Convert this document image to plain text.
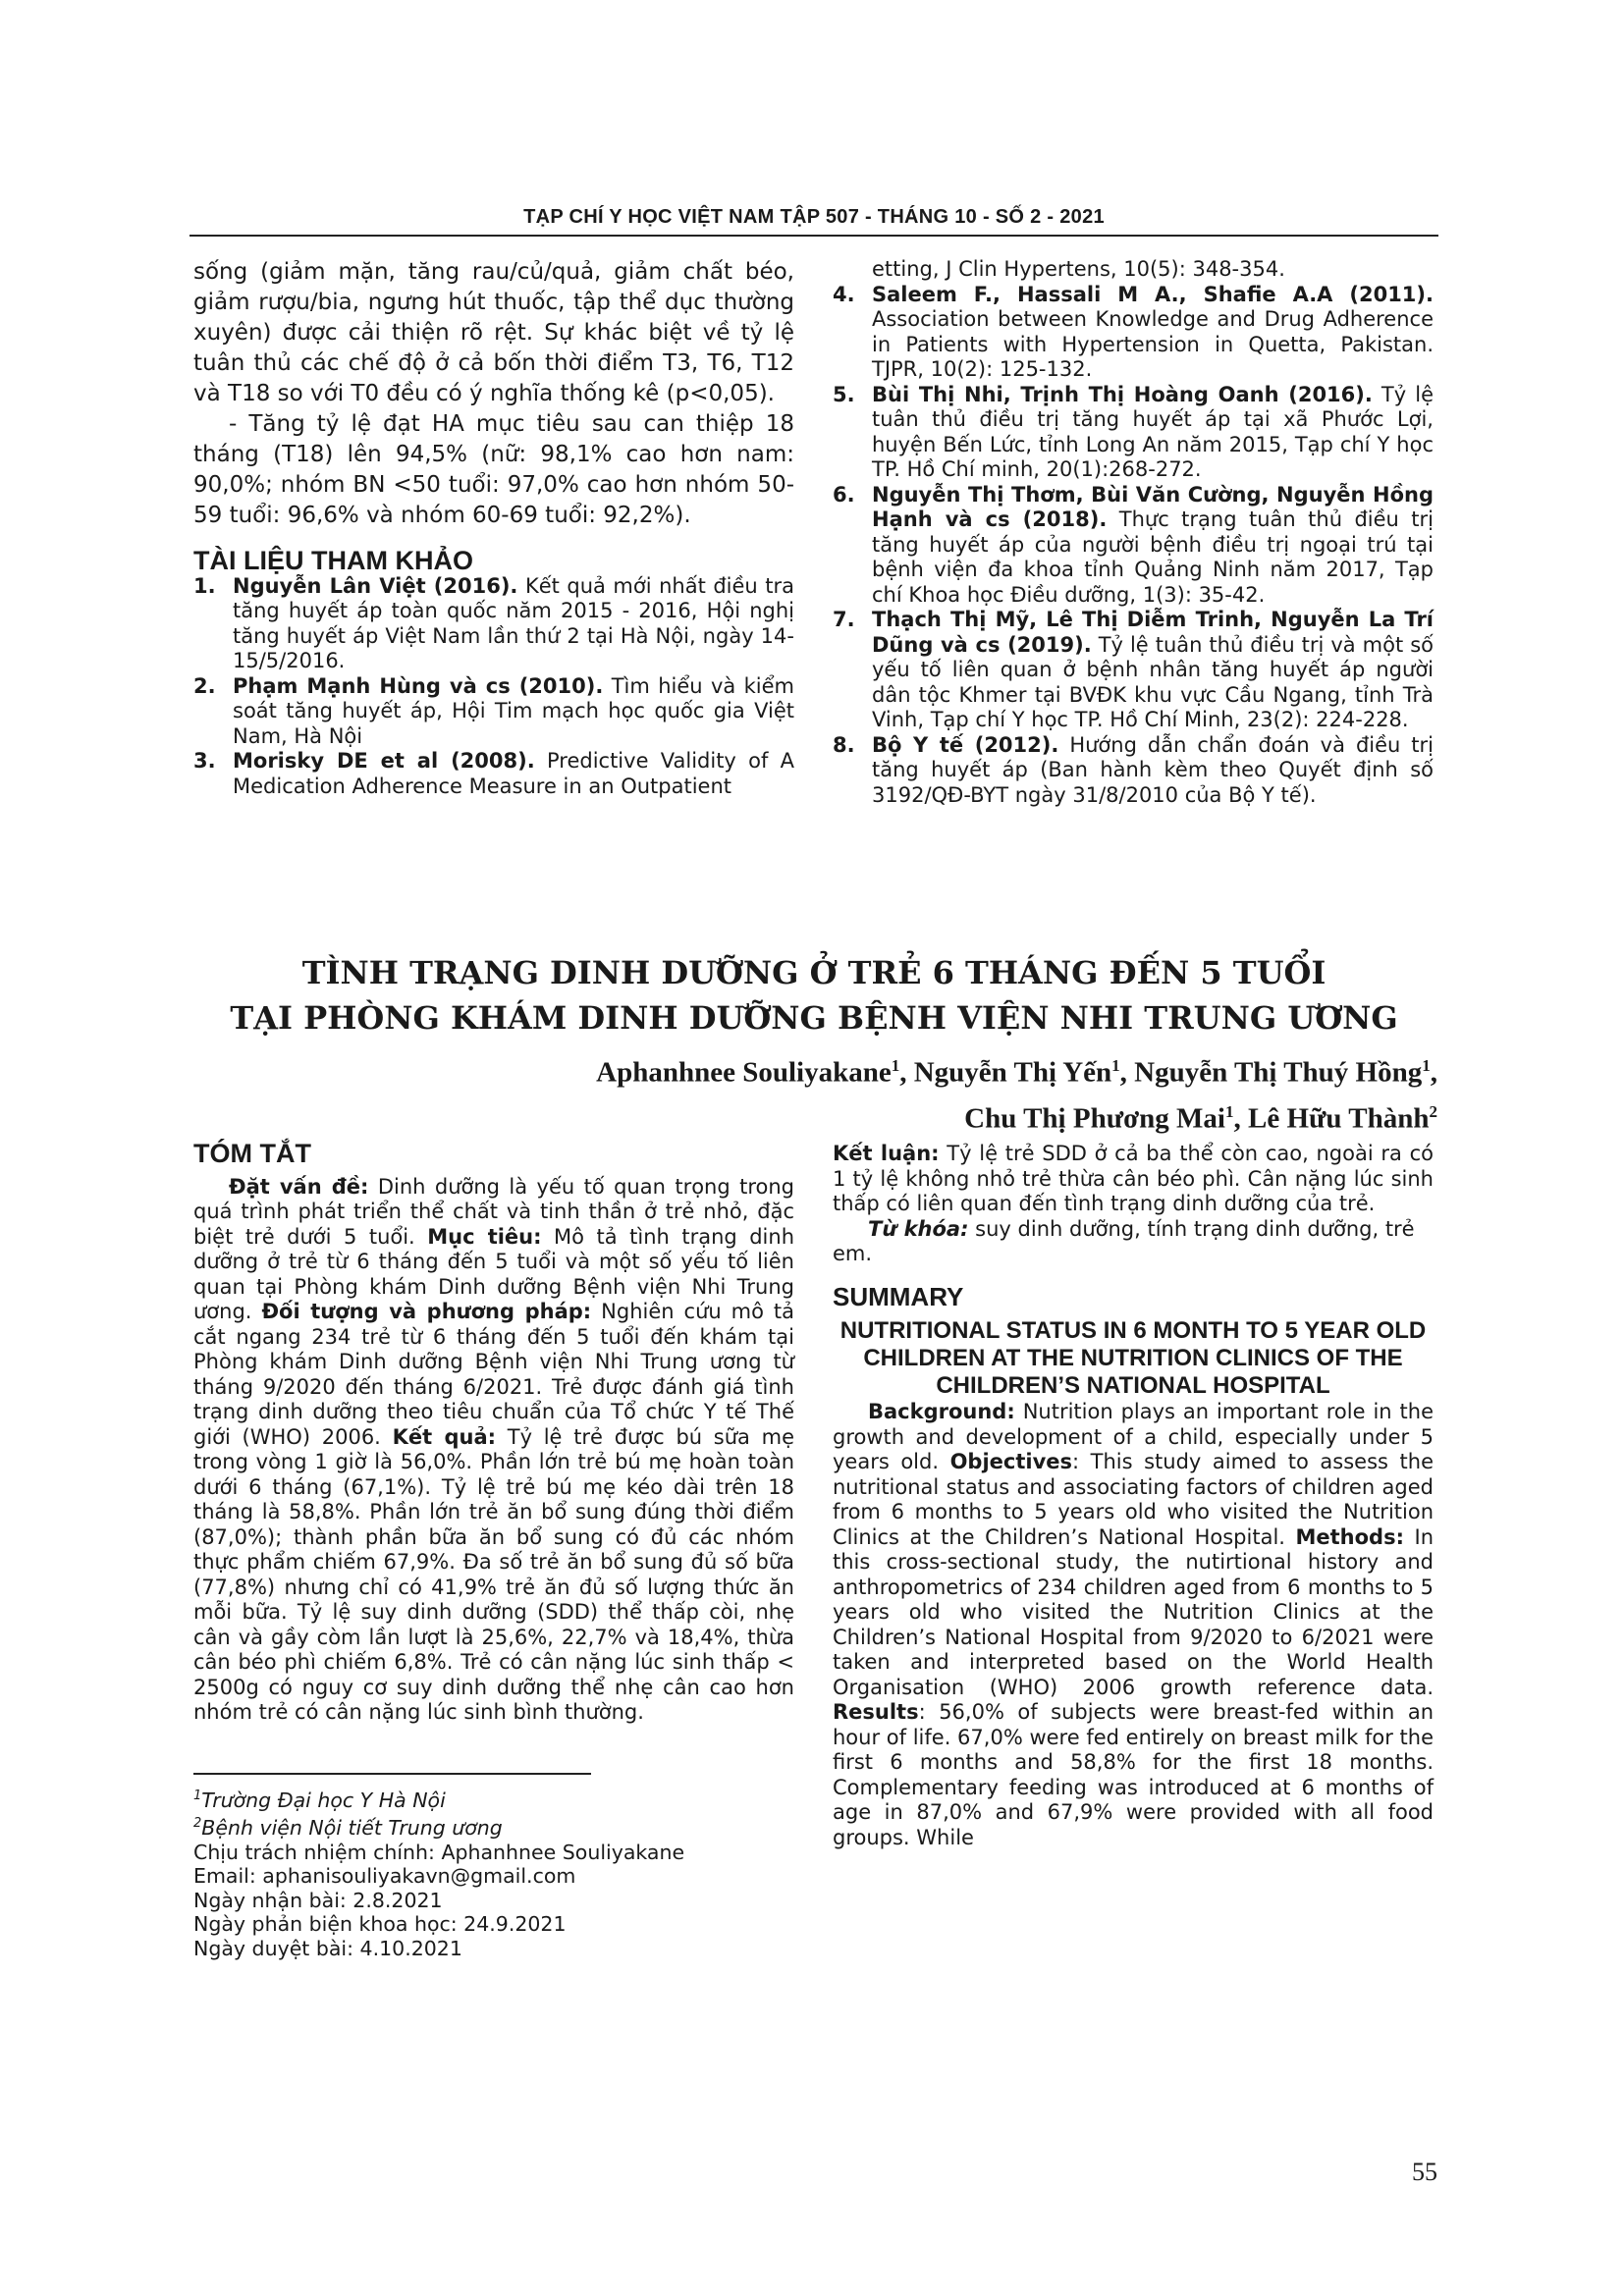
TẠP CHÍ Y HỌC VIỆT NAM TẬP 507 - THÁNG 10 - SỐ 2 - 2021

sống (giảm mặn, tăng rau/củ/quả, giảm chất béo, giảm rượu/bia, ngưng hút thuốc, tập thể dục thường xuyên) được cải thiện rõ rệt. Sự khác biệt về tỷ lệ tuân thủ các chế độ ở cả bốn thời điểm T3, T6, T12 và T18 so với T0 đều có ý nghĩa thống kê (p<0,05).

- Tăng tỷ lệ đạt HA mục tiêu sau can thiệp 18 tháng (T18) lên 94,5% (nữ: 98,1% cao hơn nam: 90,0%; nhóm BN <50 tuổi: 97,0% cao hơn nhóm 50-59 tuổi: 96,6% và nhóm 60-69 tuổi: 92,2%).

TÀI LIỆU THAM KHẢO

1. Nguyễn Lân Việt (2016). Kết quả mới nhất điều tra tăng huyết áp toàn quốc năm 2015 - 2016, Hội nghị tăng huyết áp Việt Nam lần thứ 2 tại Hà Nội, ngày 14- 15/5/2016.
2. Phạm Mạnh Hùng và cs (2010). Tìm hiểu và kiểm soát tăng huyết áp, Hội Tim mạch học quốc gia Việt Nam, Hà Nội
3. Morisky DE et al (2008). Predictive Validity of A Medication Adherence Measure in an Outpatient

etting, J Clin Hypertens, 10(5): 348-354.

4. Saleem F., Hassali M A., Shafie A.A (2011). Association between Knowledge and Drug Adherence in Patients with Hypertension in Quetta, Pakistan. TJPR, 10(2): 125-132.
5. Bùi Thị Nhi, Trịnh Thị Hoàng Oanh (2016). Tỷ lệ tuân thủ điều trị tăng huyết áp tại xã Phước Lợi, huyện Bến Lức, tỉnh Long An năm 2015, Tạp chí Y học TP. Hồ Chí minh, 20(1):268-272.
6. Nguyễn Thị Thơm, Bùi Văn Cường, Nguyễn Hồng Hạnh và cs (2018). Thực trạng tuân thủ điều trị tăng huyết áp của người bệnh điều trị ngoại trú tại bệnh viện đa khoa tỉnh Quảng Ninh năm 2017, Tạp chí Khoa học Điều dưỡng, 1(3): 35-42.
7. Thạch Thị Mỹ, Lê Thị Diễm Trinh, Nguyễn La Trí Dũng và cs (2019). Tỷ lệ tuân thủ điều trị và một số yếu tố liên quan ở bệnh nhân tăng huyết áp người dân tộc Khmer tại BVĐK khu vực Cầu Ngang, tỉnh Trà Vinh, Tạp chí Y học TP. Hồ Chí Minh, 23(2): 224-228.
8. Bộ Y tế (2012). Hướng dẫn chẩn đoán và điều trị tăng huyết áp (Ban hành kèm theo Quyết định số 3192/QĐ-BYT ngày 31/8/2010 của Bộ Y tế).
TÌNH TRẠNG DINH DƯỠNG Ở TRẺ 6 THÁNG ĐẾN 5 TUỔI
TẠI PHÒNG KHÁM DINH DƯỠNG BỆNH VIỆN NHI TRUNG ƯƠNG
Aphanhnee Souliyakane$^1$, Nguyễn Thị Yến$^1$, Nguyễn Thị Thuý Hồng$^1$,
Chu Thị Phương Mai$^1$, Lê Hữu Thành$^2$

TÓM TẮT

Đặt vấn đề: Dinh dưỡng là yếu tố quan trọng trong quá trình phát triển thể chất và tinh thần ở trẻ nhỏ, đặc biệt trẻ dưới 5 tuổi. Mục tiêu: Mô tả tình trạng dinh dưỡng ở trẻ từ 6 tháng đến 5 tuổi và một số yếu tố liên quan tại Phòng khám Dinh dưỡng Bệnh viện Nhi Trung ương. Đối tượng và phương pháp: Nghiên cứu mô tả cắt ngang 234 trẻ từ 6 tháng đến 5 tuổi đến khám tại Phòng khám Dinh dưỡng Bệnh viện Nhi Trung ương từ tháng 9/2020 đến tháng 6/2021. Trẻ được đánh giá tình trạng dinh dưỡng theo tiêu chuẩn của Tổ chức Y tế Thế giới (WHO) 2006. Kết quả: Tỷ lệ trẻ được bú sữa mẹ trong vòng 1 giờ là 56,0%. Phần lớn trẻ bú mẹ hoàn toàn dưới 6 tháng (67,1%). Tỷ lệ trẻ bú mẹ kéo dài trên 18 tháng là 58,8%. Phần lớn trẻ ăn bổ sung đúng thời điểm (87,0%); thành phần bữa ăn bổ sung có đủ các nhóm thực phẩm chiếm 67,9%. Đa số trẻ ăn bổ sung đủ số bữa (77,8%) nhưng chỉ có 41,9% trẻ ăn đủ số lượng thức ăn mỗi bữa. Tỷ lệ suy dinh dưỡng (SDD) thể thấp còi, nhẹ cân và gầy còm lần lượt là 25,6%, 22,7% và 18,4%, thừa cân béo phì chiếm 6,8%. Trẻ có cân nặng lúc sinh thấp < 2500g có nguy cơ suy dinh dưỡng thể nhẹ cân cao hơn nhóm trẻ có cân nặng lúc sinh bình thường.

Kết luận: Tỷ lệ trẻ SDD ở cả ba thể còn cao, ngoài ra có 1 tỷ lệ không nhỏ trẻ thừa cân béo phì. Cân nặng lúc sinh thấp có liên quan đến tình trạng dinh dưỡng của trẻ.

Từ khóa: suy dinh dưỡng, tính trạng dinh dưỡng, trẻ em.

SUMMARY

NUTRITIONAL STATUS IN 6 MONTH TO 5 YEAR OLD CHILDREN AT THE NUTRITION CLINICS OF THE CHILDREN’S NATIONAL HOSPITAL

Background: Nutrition plays an important role in the growth and development of a child, especially under 5 years old. Objectives: This study aimed to assess the nutritional status and associating factors of children aged from 6 months to 5 years old who visited the Nutrition Clinics at the Children’s National Hospital. Methods: In this cross-sectional study, the nutirtional history and anthropometrics of 234 children aged from 6 months to 5 years old who visited the Nutrition Clinics at the Children’s National Hospital from 9/2020 to 6/2021 were taken and interpreted based on the World Health Organisation (WHO) 2006 growth reference data. Results: 56,0% of subjects were breast-fed within an hour of life. 67,0% were fed entirely on breast milk for the first 6 months and 58,8% for the first 18 months. Complementary feeding was introduced at 6 months of age in 87,0% and 67,9% were provided with all food groups. While

$^1$Trường Đại học Y Hà Nội

$^2$Bệnh viện Nội tiết Trung ương

Chịu trách nhiệm chính: Aphanhnee Souliyakane

Email: aphanisouliyakavn@gmail.com

Ngày nhận bài: 2.8.2021

Ngày phản biện khoa học: 24.9.2021

Ngày duyệt bài: 4.10.2021

55
